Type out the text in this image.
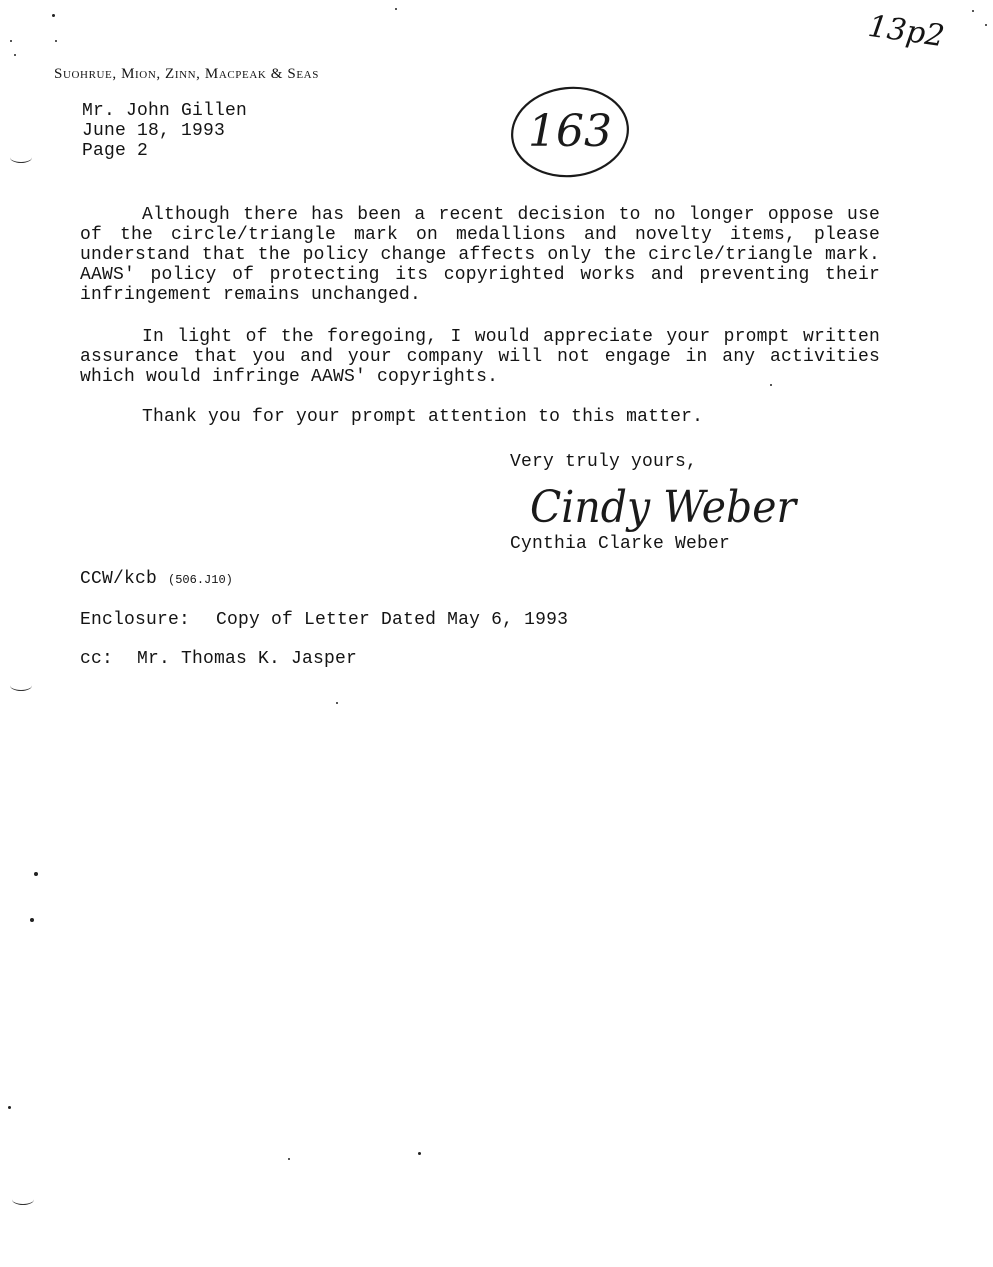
13p2
Suohrue, Mion, Zinn, Macpeak & Seas
163
Mr. John Gillen
June 18, 1993
Page 2
Although there has been a recent decision to no longer oppose use of the circle/triangle mark on medallions and novelty items, please understand that the policy change affects only the circle/triangle mark. AAWS' policy of protecting its copyrighted works and preventing their infringement remains unchanged.
In light of the foregoing, I would appreciate your prompt written assurance that you and your company will not engage in any activities which would infringe AAWS' copyrights.
Thank you for your prompt attention to this matter.
Very truly yours,
Cindy Weber
Cynthia Clarke Weber
CCW/kcb (506.J10)
Enclosure: Copy of Letter Dated May 6, 1993
cc: Mr. Thomas K. Jasper
